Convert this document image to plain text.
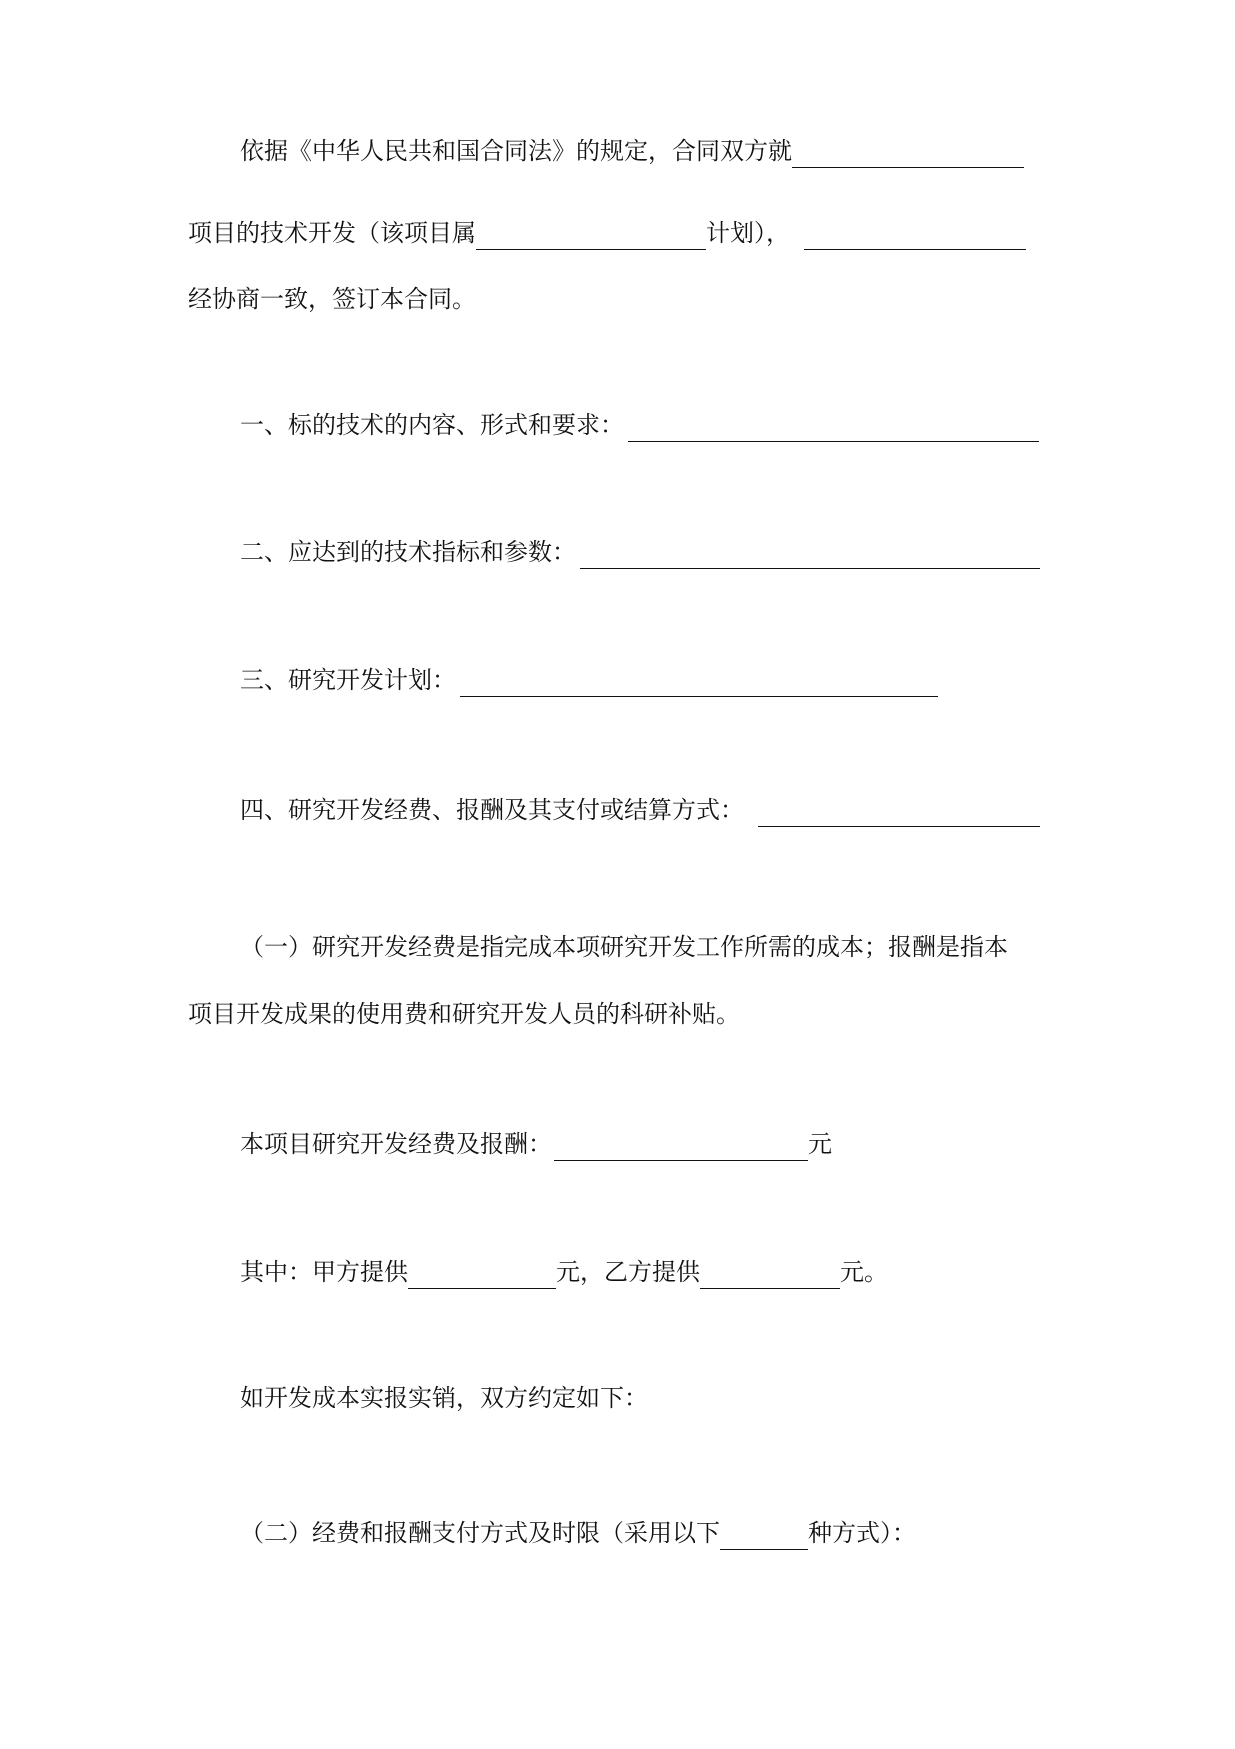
依据《中华人民共和国合同法》的规定，合同双方就
项目的技术开发（该项目属	计划），
经协商一致，签订本合同。
一、标的技术的内容、形式和要求：
二、应达到的技术指标和参数：
三、研究开发计划：
四、研究开发经费、报酬及其支付或结算方式：
（一）研究开发经费是指完成本项研究开发工作所需的成本；报酬是指本
项目开发成果的使用费和研究开发人员的科研补贴。
本项目研究开发经费及报酬：	元
其中：甲方提供	元，乙方提供	元。
如开发成本实报实销，双方约定如下：
（二）经费和报酬支付方式及时限（采用以下	种方式）：
